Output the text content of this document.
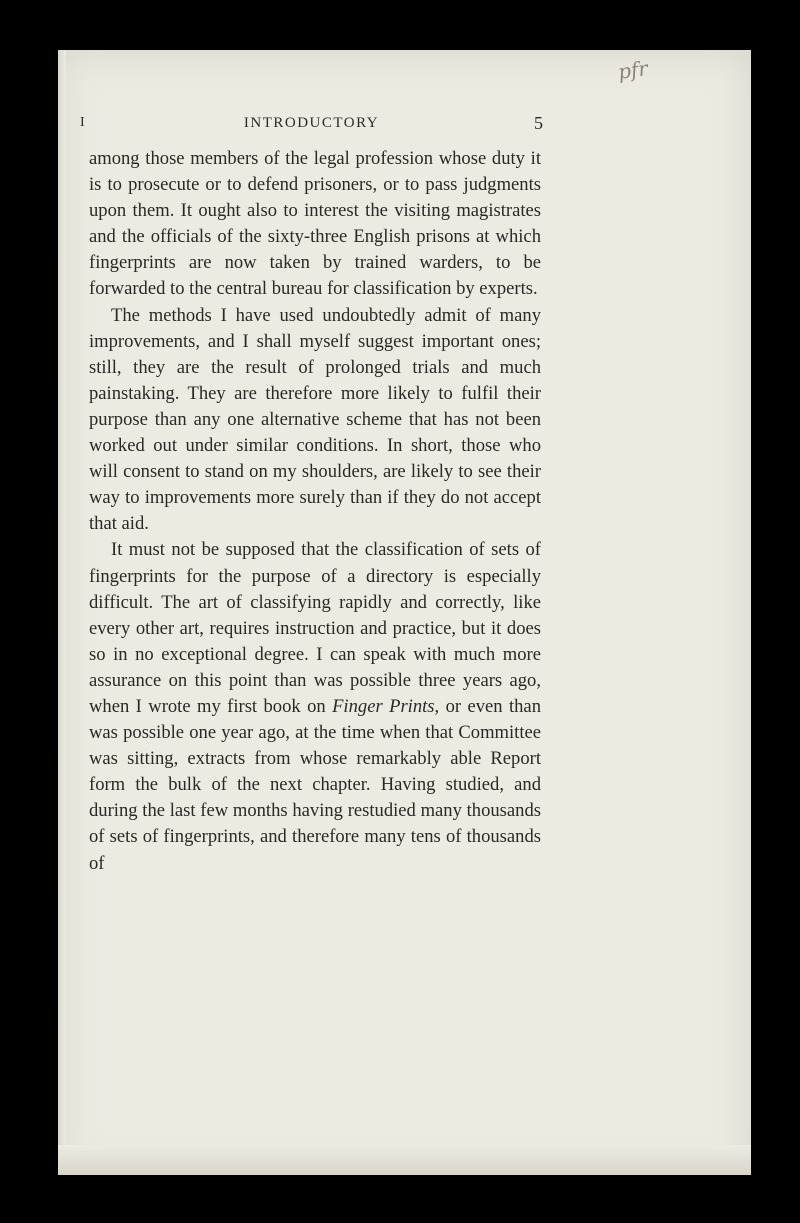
pfr
I	INTRODUCTORY	5

among those members of the legal profession whose duty it is to prosecute or to defend prisoners, or to pass judgments upon them. It ought also to interest the visiting magistrates and the officials of the sixty-three English prisons at which fingerprints are now taken by trained warders, to be forwarded to the central bureau for classification by experts.

The methods I have used undoubtedly admit of many improvements, and I shall myself suggest important ones; still, they are the result of prolonged trials and much painstaking. They are therefore more likely to fulfil their purpose than any one alternative scheme that has not been worked out under similar conditions. In short, those who will consent to stand on my shoulders, are likely to see their way to improvements more surely than if they do not accept that aid.

It must not be supposed that the classification of sets of fingerprints for the purpose of a directory is especially difficult. The art of classifying rapidly and correctly, like every other art, requires instruction and practice, but it does so in no exceptional degree. I can speak with much more assurance on this point than was possible three years ago, when I wrote my first book on Finger Prints, or even than was possible one year ago, at the time when that Committee was sitting, extracts from whose remarkably able Report form the bulk of the next chapter. Having studied, and during the last few months having restudied many thousands of sets of fingerprints, and therefore many tens of thousands of
